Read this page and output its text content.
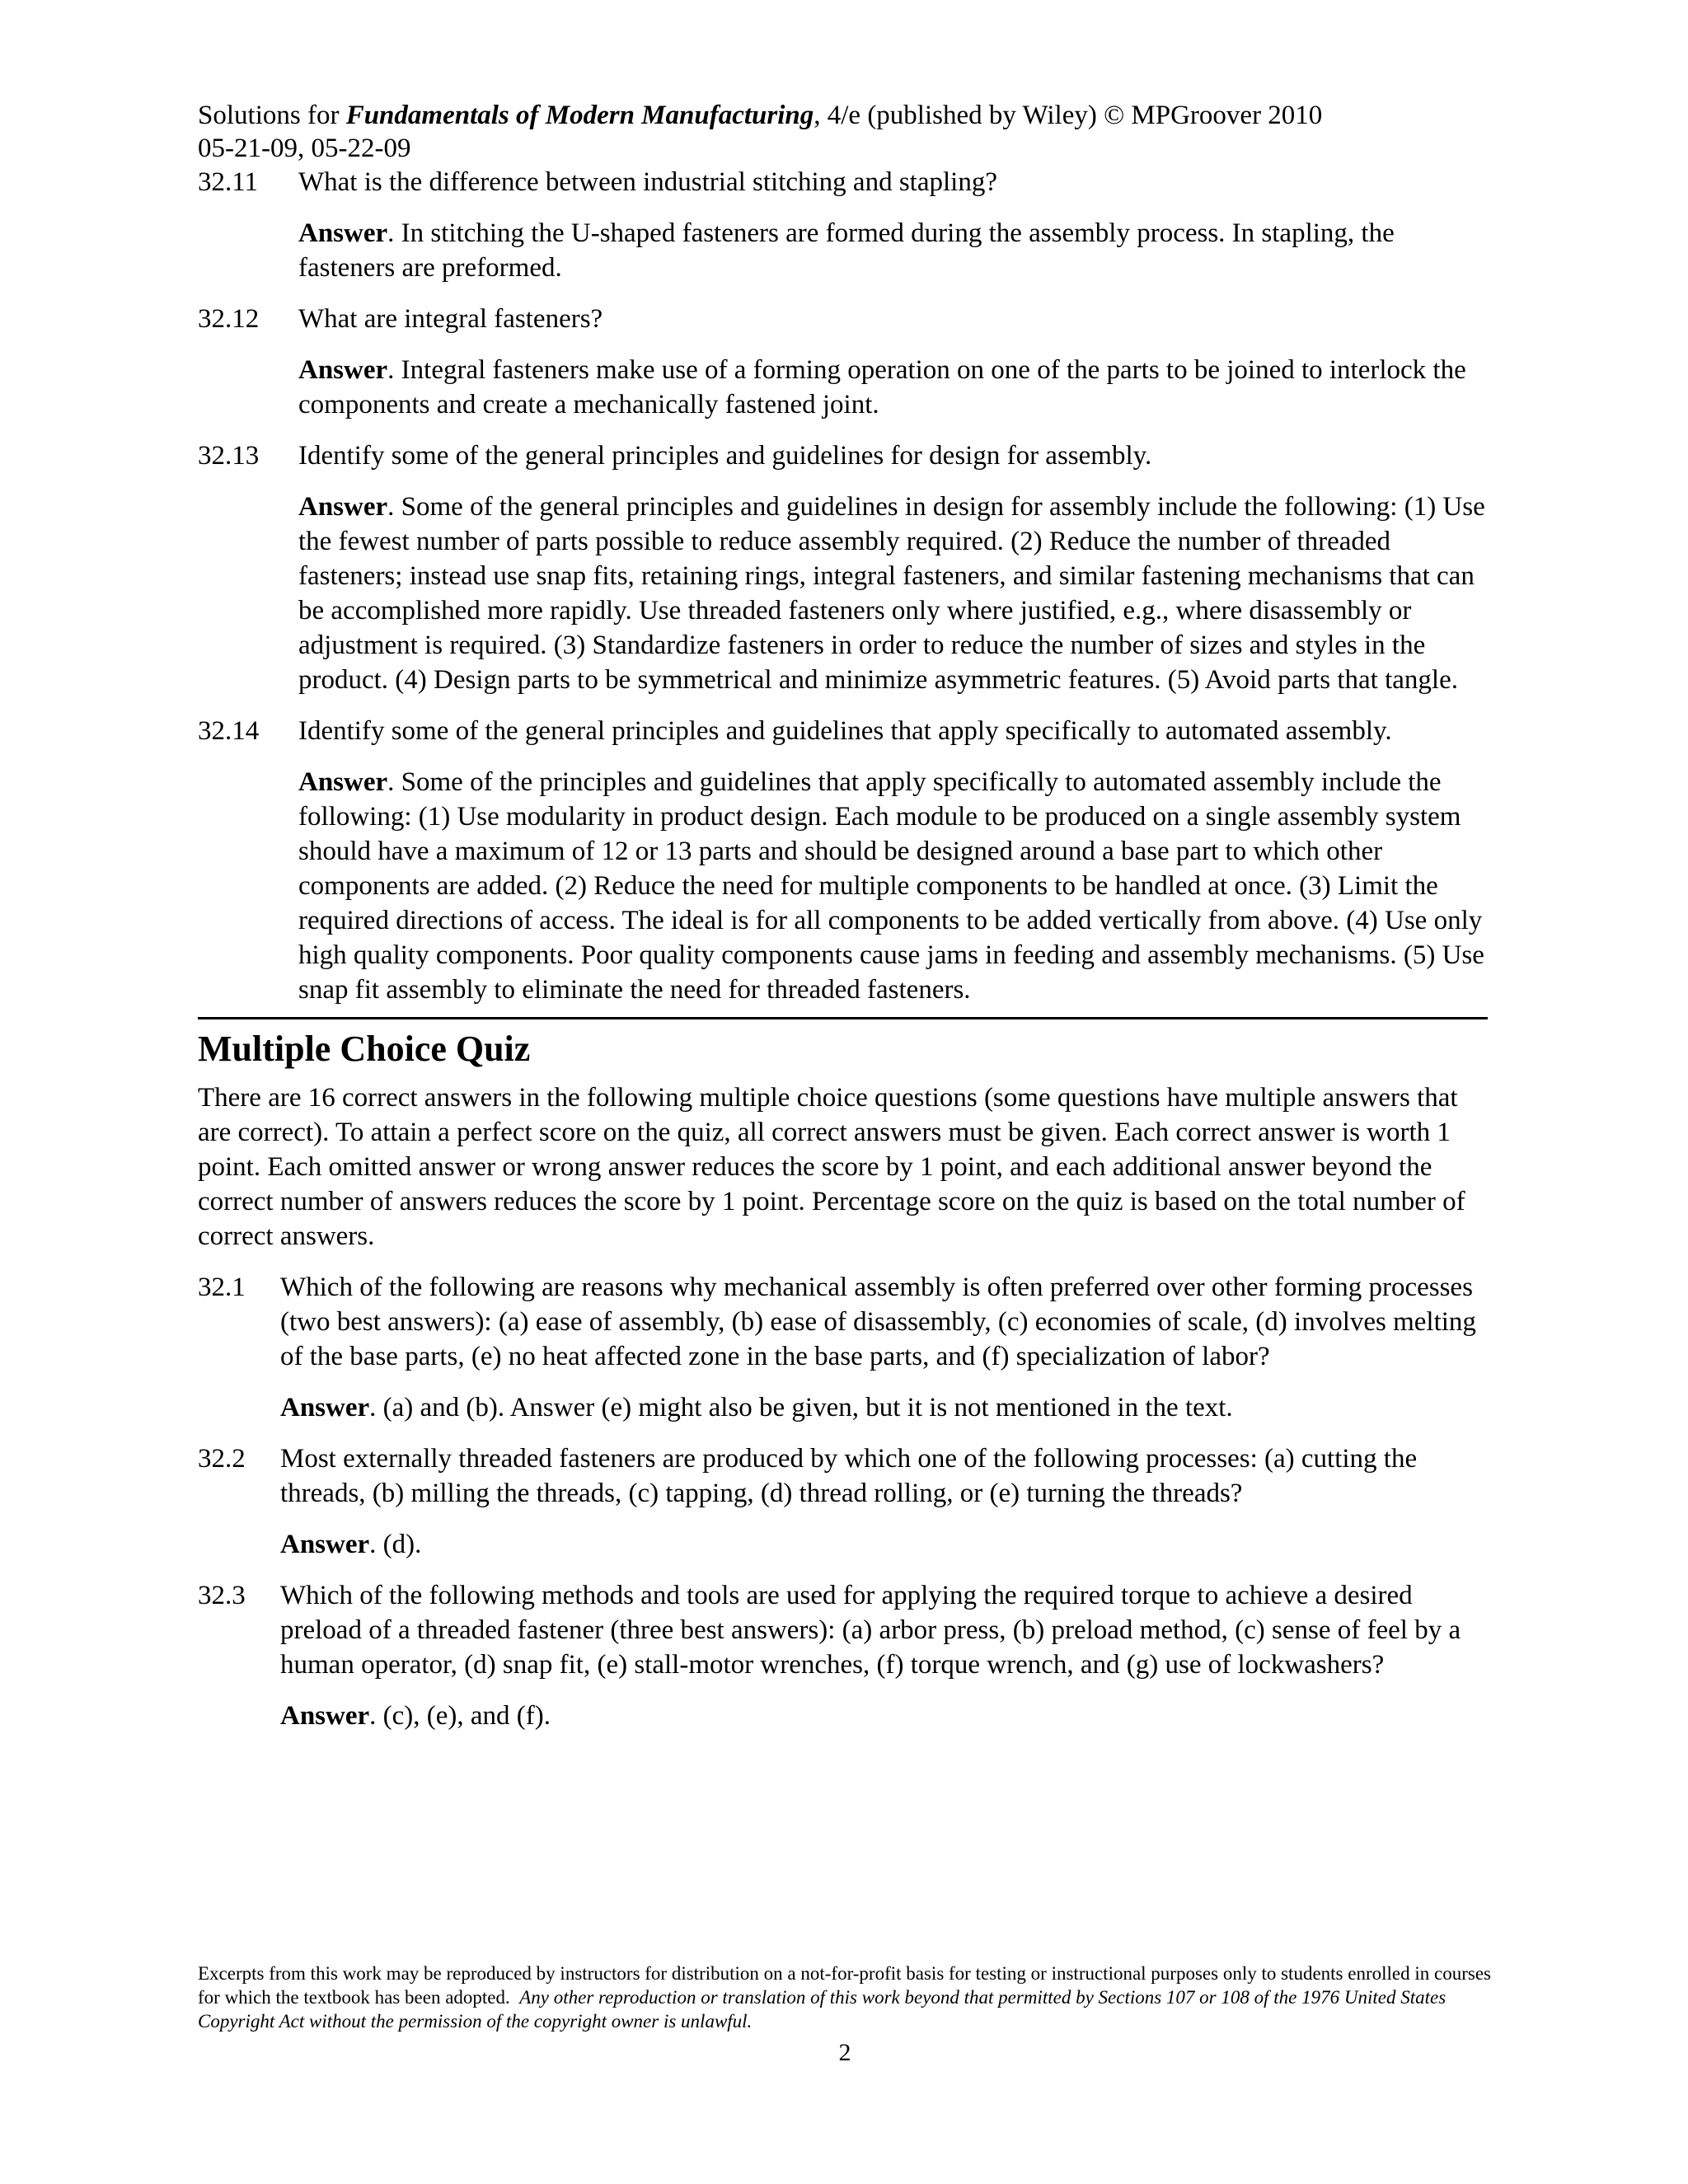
Solutions for Fundamentals of Modern Manufacturing, 4/e (published by Wiley) © MPGroover 2010
05-21-09, 05-22-09
32.11 What is the difference between industrial stitching and stapling?
Answer. In stitching the U-shaped fasteners are formed during the assembly process. In stapling, the fasteners are preformed.
32.12 What are integral fasteners?
Answer. Integral fasteners make use of a forming operation on one of the parts to be joined to interlock the components and create a mechanically fastened joint.
32.13 Identify some of the general principles and guidelines for design for assembly.
Answer. Some of the general principles and guidelines in design for assembly include the following: (1) Use the fewest number of parts possible to reduce assembly required. (2) Reduce the number of threaded fasteners; instead use snap fits, retaining rings, integral fasteners, and similar fastening mechanisms that can be accomplished more rapidly. Use threaded fasteners only where justified, e.g., where disassembly or adjustment is required. (3) Standardize fasteners in order to reduce the number of sizes and styles in the product. (4) Design parts to be symmetrical and minimize asymmetric features. (5) Avoid parts that tangle.
32.14 Identify some of the general principles and guidelines that apply specifically to automated assembly.
Answer. Some of the principles and guidelines that apply specifically to automated assembly include the following: (1) Use modularity in product design. Each module to be produced on a single assembly system should have a maximum of 12 or 13 parts and should be designed around a base part to which other components are added. (2) Reduce the need for multiple components to be handled at once. (3) Limit the required directions of access. The ideal is for all components to be added vertically from above. (4) Use only high quality components. Poor quality components cause jams in feeding and assembly mechanisms. (5) Use snap fit assembly to eliminate the need for threaded fasteners.
Multiple Choice Quiz
There are 16 correct answers in the following multiple choice questions (some questions have multiple answers that are correct). To attain a perfect score on the quiz, all correct answers must be given. Each correct answer is worth 1 point. Each omitted answer or wrong answer reduces the score by 1 point, and each additional answer beyond the correct number of answers reduces the score by 1 point. Percentage score on the quiz is based on the total number of correct answers.
32.1 Which of the following are reasons why mechanical assembly is often preferred over other forming processes (two best answers): (a) ease of assembly, (b) ease of disassembly, (c) economies of scale, (d) involves melting of the base parts, (e) no heat affected zone in the base parts, and (f) specialization of labor?
Answer. (a) and (b). Answer (e) might also be given, but it is not mentioned in the text.
32.2 Most externally threaded fasteners are produced by which one of the following processes: (a) cutting the threads, (b) milling the threads, (c) tapping, (d) thread rolling, or (e) turning the threads?
Answer. (d).
32.3 Which of the following methods and tools are used for applying the required torque to achieve a desired preload of a threaded fastener (three best answers): (a) arbor press, (b) preload method, (c) sense of feel by a human operator, (d) snap fit, (e) stall-motor wrenches, (f) torque wrench, and (g) use of lockwashers?
Answer. (c), (e), and (f).
Excerpts from this work may be reproduced by instructors for distribution on a not-for-profit basis for testing or instructional purposes only to students enrolled in courses for which the textbook has been adopted. Any other reproduction or translation of this work beyond that permitted by Sections 107 or 108 of the 1976 United States Copyright Act without the permission of the copyright owner is unlawful.
2
